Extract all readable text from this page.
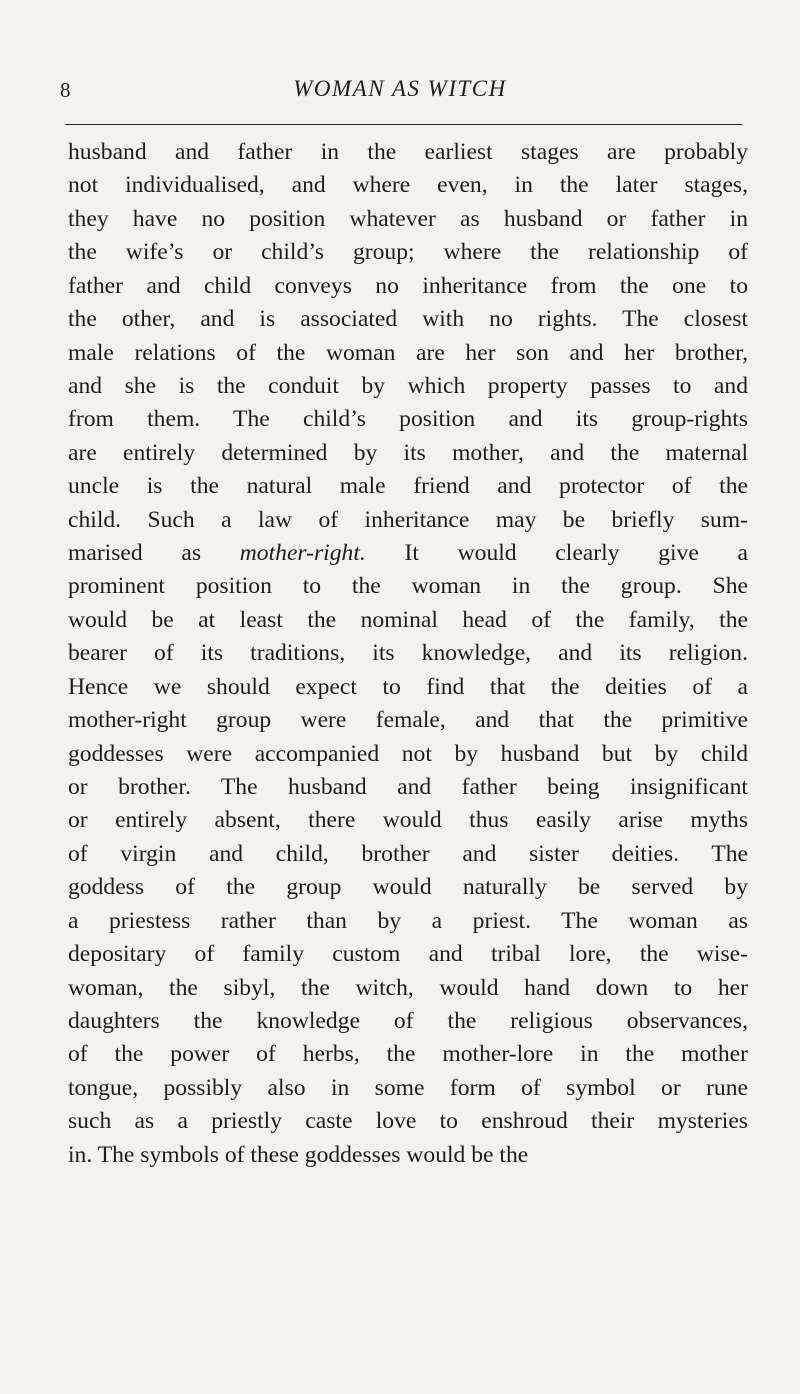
8	WOMAN AS WITCH
husband and father in the earliest stages are probably
not individualised, and where even, in the later stages,
they have no position whatever as husband or father in
the wife’s or child’s group; where the relationship of
father and child conveys no inheritance from the one to
the other, and is associated with no rights. The closest
male relations of the woman are her son and her brother,
and she is the conduit by which property passes to and
from them. The child’s position and its group-rights
are entirely determined by its mother, and the maternal
uncle is the natural male friend and protector of the
child. Such a law of inheritance may be briefly sum-
marised as mother-right. It would clearly give a
prominent position to the woman in the group. She
would be at least the nominal head of the family, the
bearer of its traditions, its knowledge, and its religion.
Hence we should expect to find that the deities of a
mother-right group were female, and that the primitive
goddesses were accompanied not by husband but by child
or brother. The husband and father being insignificant
or entirely absent, there would thus easily arise myths
of virgin and child, brother and sister deities. The
goddess of the group would naturally be served by
a priestess rather than by a priest. The woman as
depositary of family custom and tribal lore, the wise-
woman, the sibyl, the witch, would hand down to her
daughters the knowledge of the religious observances,
of the power of herbs, the mother-lore in the mother
tongue, possibly also in some form of symbol or rune
such as a priestly caste love to enshroud their mysteries
in. The symbols of these goddesses would be the
